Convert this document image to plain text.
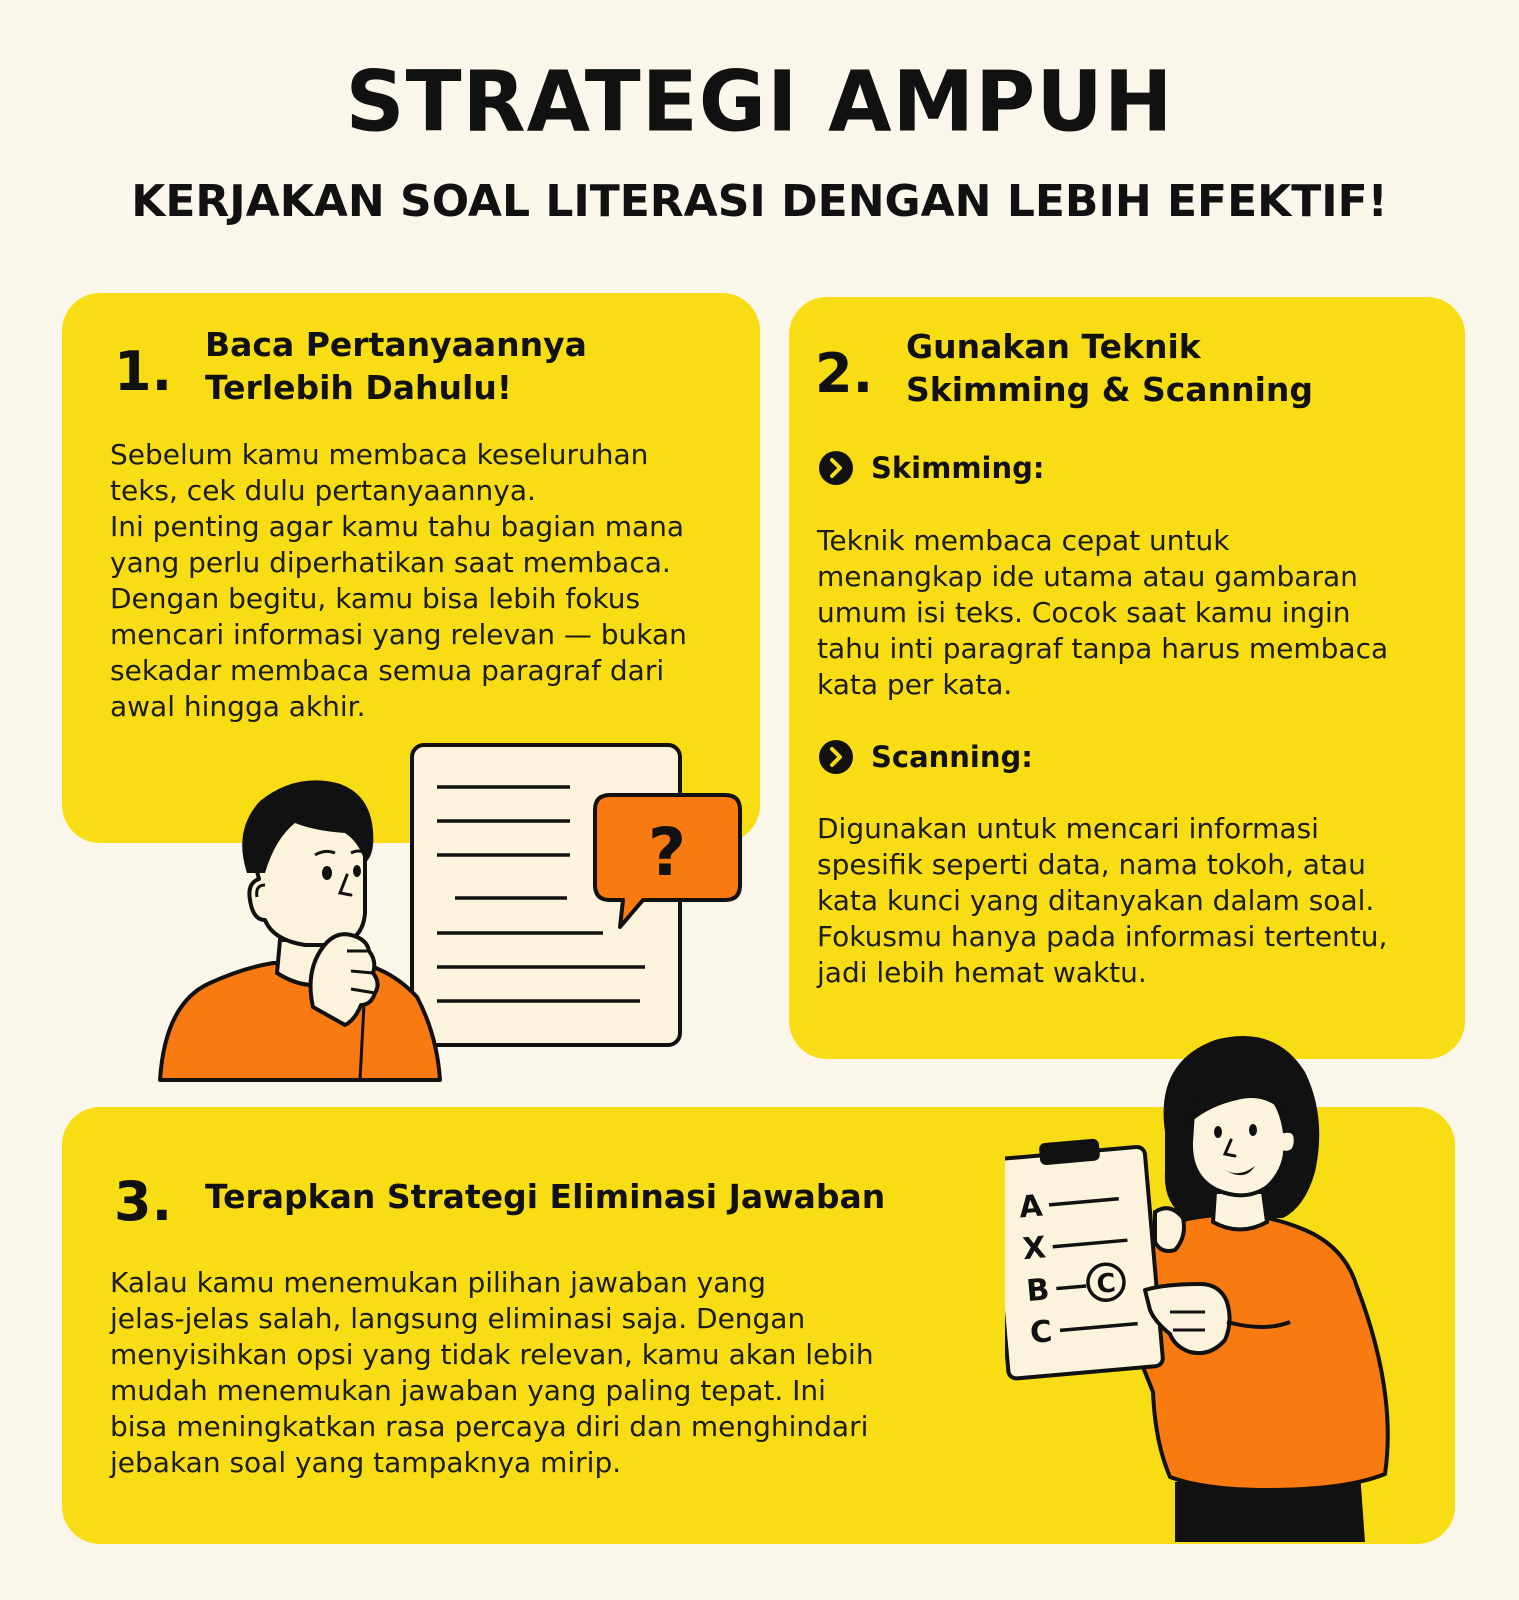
STRATEGI AMPUH
KERJAKAN SOAL LITERASI DENGAN LEBIH EFEKTIF!
1. Baca Pertanyaannya
Terlebih Dahulu!
Sebelum kamu membaca keseluruhan
teks, cek dulu pertanyaannya.
Ini penting agar kamu tahu bagian mana
yang perlu diperhatikan saat membaca.
Dengan begitu, kamu bisa lebih fokus
mencari informasi yang relevan — bukan
sekadar membaca semua paragraf dari
awal hingga akhir.
2. Gunakan Teknik
Skimming & Scanning
Skimming:
Teknik membaca cepat untuk
menangkap ide utama atau gambaran
umum isi teks. Cocok saat kamu ingin
tahu inti paragraf tanpa harus membaca
kata per kata.
Scanning:
Digunakan untuk mencari informasi
spesifik seperti data, nama tokoh, atau
kata kunci yang ditanyakan dalam soal.
Fokusmu hanya pada informasi tertentu,
jadi lebih hemat waktu.
3. Terapkan Strategi Eliminasi Jawaban
Kalau kamu menemukan pilihan jawaban yang
jelas-jelas salah, langsung eliminasi saja. Dengan
menyisihkan opsi yang tidak relevan, kamu akan lebih
mudah menemukan jawaban yang paling tepat. Ini
bisa meningkatkan rasa percaya diri dan menghindari
jebakan soal yang tampaknya mirip.
?
A
X
B C
C
